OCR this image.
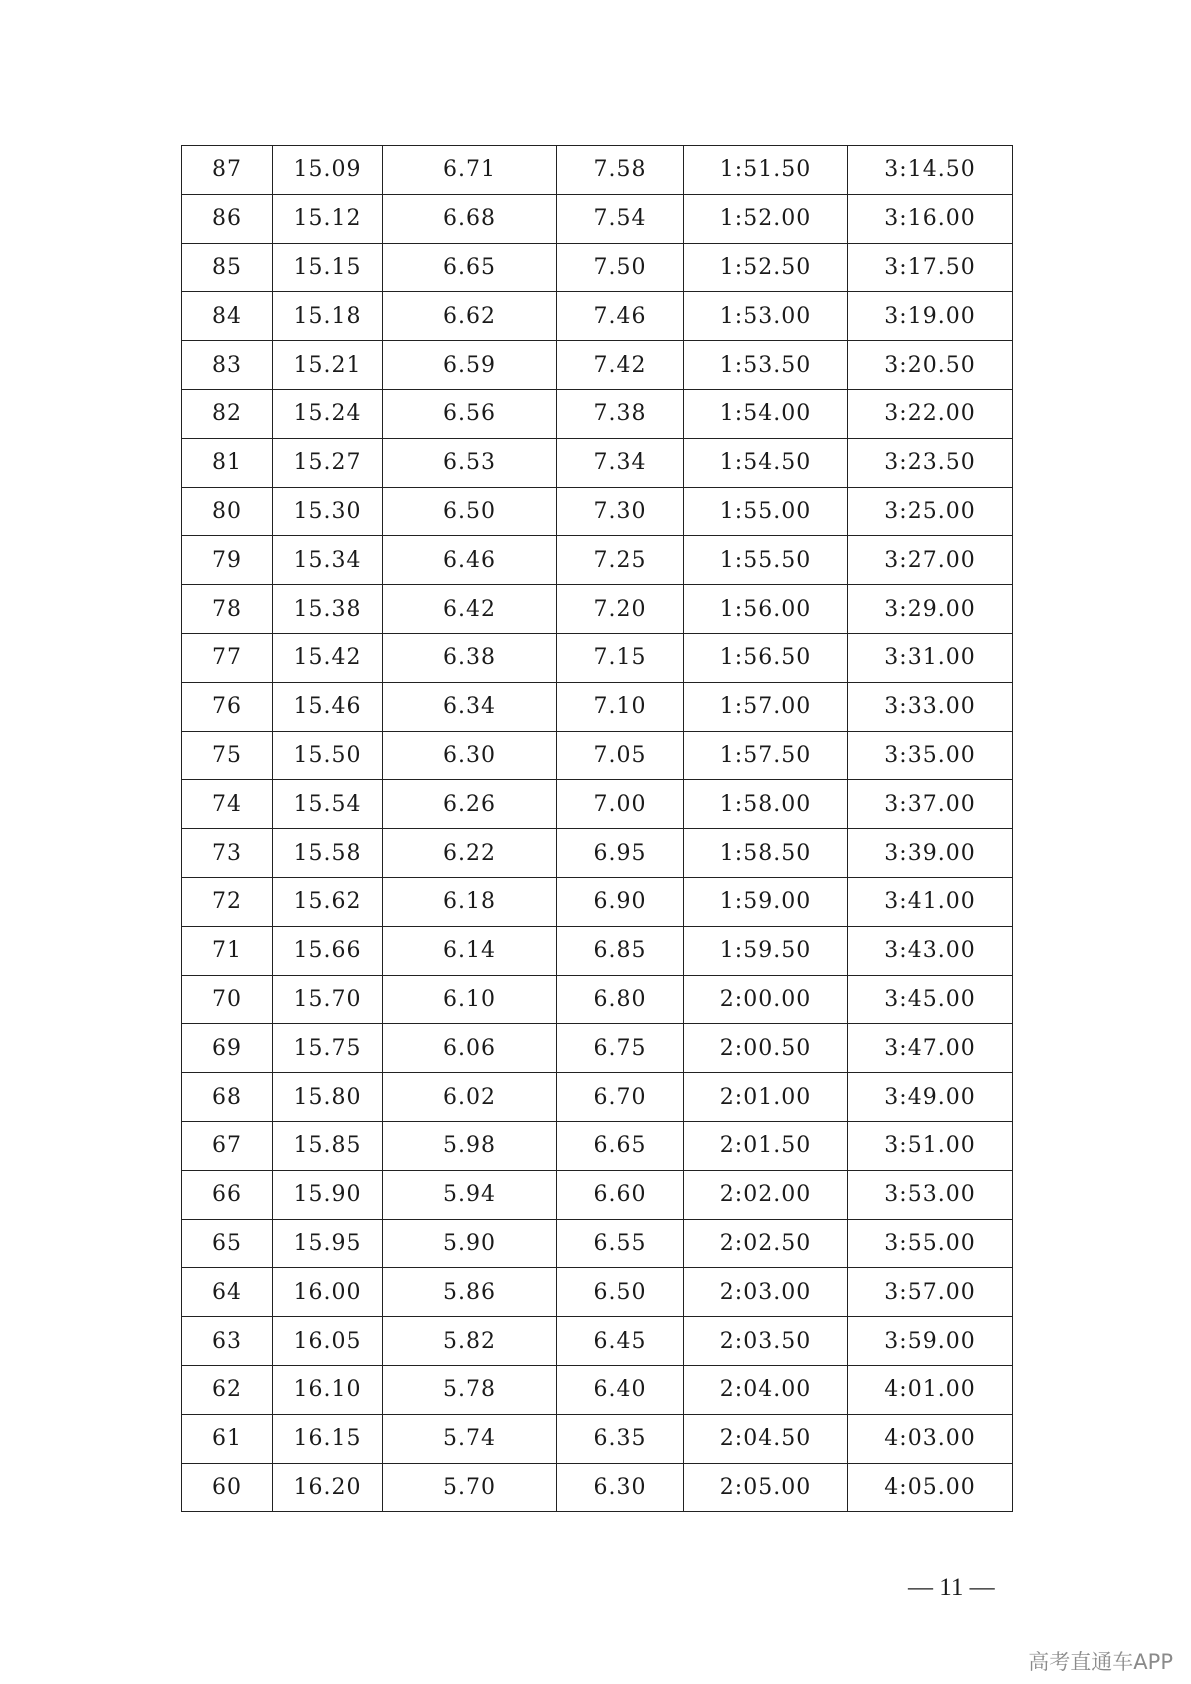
87	15.09	6.71	7.58	1:51.50	3:14.50
86	15.12	6.68	7.54	1:52.00	3:16.00
85	15.15	6.65	7.50	1:52.50	3:17.50
84	15.18	6.62	7.46	1:53.00	3:19.00
83	15.21	6.59	7.42	1:53.50	3:20.50
82	15.24	6.56	7.38	1:54.00	3:22.00
81	15.27	6.53	7.34	1:54.50	3:23.50
80	15.30	6.50	7.30	1:55.00	3:25.00
79	15.34	6.46	7.25	1:55.50	3:27.00
78	15.38	6.42	7.20	1:56.00	3:29.00
77	15.42	6.38	7.15	1:56.50	3:31.00
76	15.46	6.34	7.10	1:57.00	3:33.00
75	15.50	6.30	7.05	1:57.50	3:35.00
74	15.54	6.26	7.00	1:58.00	3:37.00
73	15.58	6.22	6.95	1:58.50	3:39.00
72	15.62	6.18	6.90	1:59.00	3:41.00
71	15.66	6.14	6.85	1:59.50	3:43.00
70	15.70	6.10	6.80	2:00.00	3:45.00
69	15.75	6.06	6.75	2:00.50	3:47.00
68	15.80	6.02	6.70	2:01.00	3:49.00
67	15.85	5.98	6.65	2:01.50	3:51.00
66	15.90	5.94	6.60	2:02.00	3:53.00
65	15.95	5.90	6.55	2:02.50	3:55.00
64	16.00	5.86	6.50	2:03.00	3:57.00
63	16.05	5.82	6.45	2:03.50	3:59.00
62	16.10	5.78	6.40	2:04.00	4:01.00
61	16.15	5.74	6.35	2:04.50	4:03.00
60	16.20	5.70	6.30	2:05.00	4:05.00
— 11 —
高考直通车APP
